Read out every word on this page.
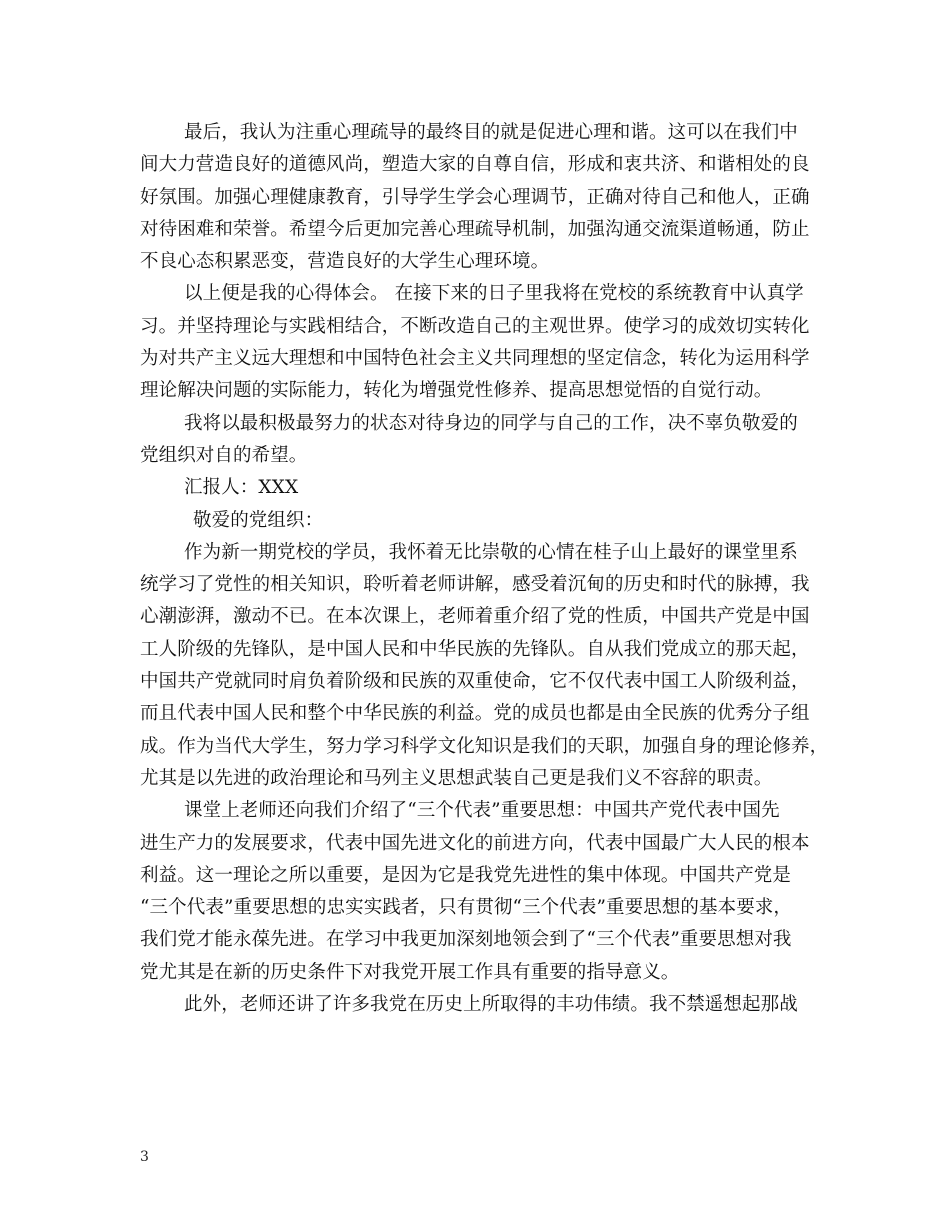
最后，我认为注重心理疏导的最终目的就是促进心理和谐。这可以在我们中
间大力营造良好的道德风尚，塑造大家的自尊自信，形成和衷共济、和谐相处的良
好氛围。加强心理健康教育，引导学生学会心理调节，正确对待自己和他人，正确
对待困难和荣誉。希望今后更加完善心理疏导机制，加强沟通交流渠道畅通，防止
不良心态积累恶变，营造良好的大学生心理环境。
以上便是我的心得体会。 在接下来的日子里我将在党校的系统教育中认真学
习。并坚持理论与实践相结合，不断改造自己的主观世界。使学习的成效切实转化
为对共产主义远大理想和中国特色社会主义共同理想的坚定信念，转化为运用科学
理论解决问题的实际能力，转化为增强党性修养、提高思想觉悟的自觉行动。
我将以最积极最努力的状态对待身边的同学与自己的工作，决不辜负敬爱的
党组织对自的希望。
汇报人：XXX
敬爱的党组织：
作为新一期党校的学员，我怀着无比崇敬的心情在桂子山上最好的课堂里系
统学习了党性的相关知识，聆听着老师讲解，感受着沉甸的历史和时代的脉搏，我
心潮澎湃，激动不已。在本次课上，老师着重介绍了党的性质，中国共产党是中国
工人阶级的先锋队，是中国人民和中华民族的先锋队。自从我们党成立的那天起，
中国共产党就同时肩负着阶级和民族的双重使命，它不仅代表中国工人阶级利益，
而且代表中国人民和整个中华民族的利益。党的成员也都是由全民族的优秀分子组
成。作为当代大学生，努力学习科学文化知识是我们的天职，加强自身的理论修养，
尤其是以先进的政治理论和马列主义思想武装自己更是我们义不容辞的职责。
课堂上老师还向我们介绍了“三个代表”重要思想：中国共产党代表中国先
进生产力的发展要求，代表中国先进文化的前进方向，代表中国最广大人民的根本
利益。这一理论之所以重要，是因为它是我党先进性的集中体现。中国共产党是
“三个代表”重要思想的忠实实践者，只有贯彻“三个代表”重要思想的基本要求，
我们党才能永葆先进。在学习中我更加深刻地领会到了“三个代表”重要思想对我
党尤其是在新的历史条件下对我党开展工作具有重要的指导意义。
此外，老师还讲了许多我党在历史上所取得的丰功伟绩。我不禁遥想起那战
3
